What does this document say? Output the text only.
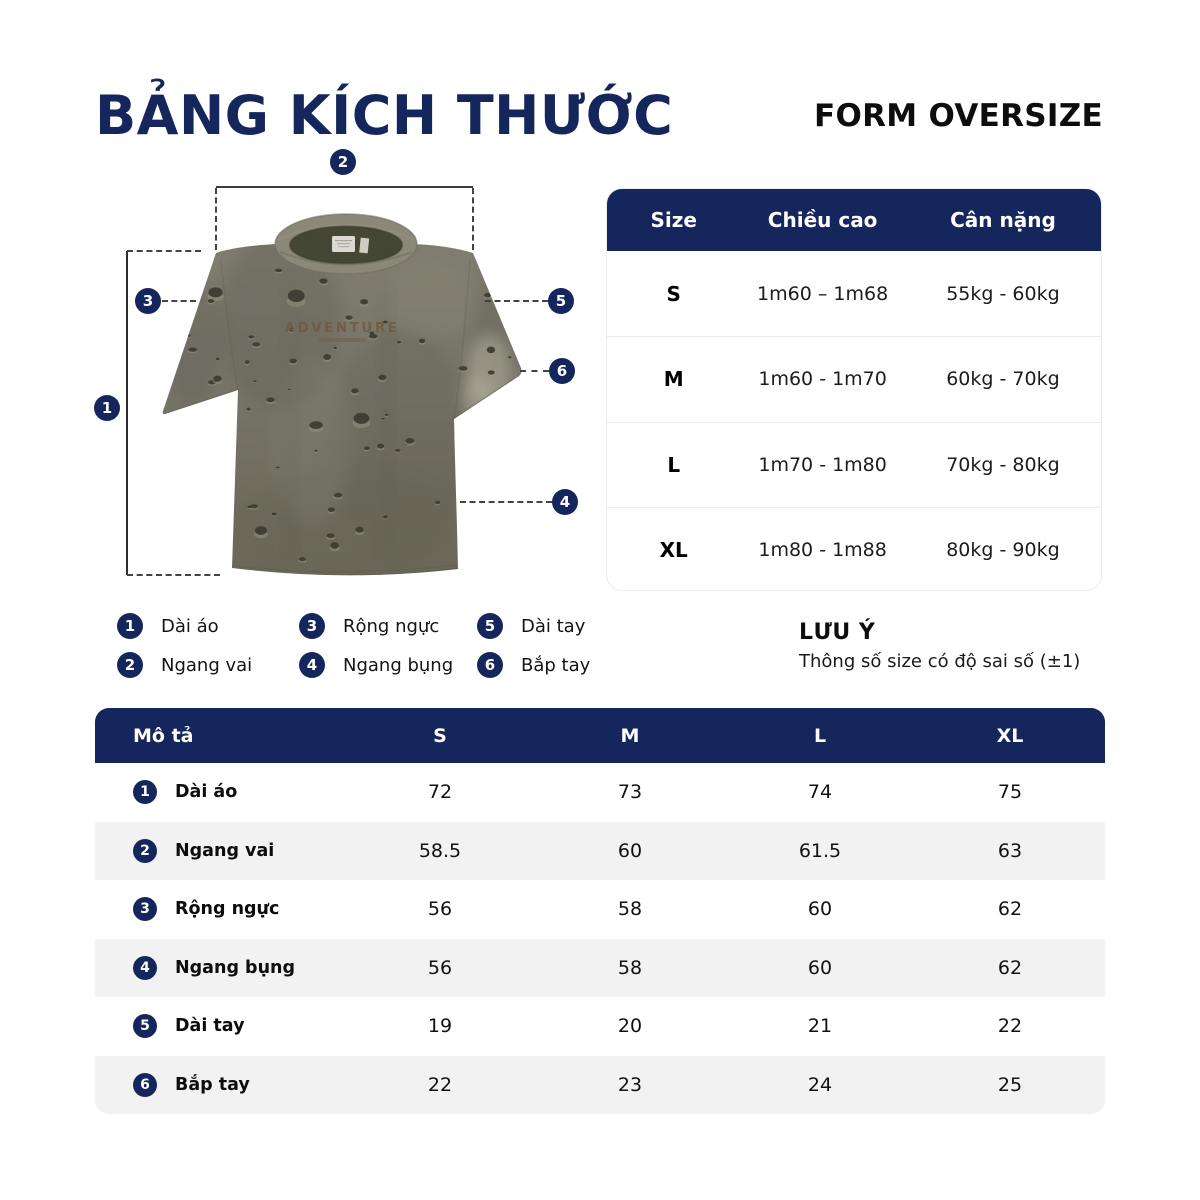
BẢNG KÍCH THƯỚC	FORM OVERSIZE
ADVENTURE
1
2
3
4
5
6
Size	Chiều cao	Cân nặng
S	1m60 – 1m68	55kg - 60kg
M	1m60 - 1m70	60kg - 70kg
L	1m70 - 1m80	70kg - 80kg
XL	1m80 - 1m88	80kg - 90kg
1	Dài áo
2	Ngang vai
3	Rộng ngực
4	Ngang bụng
5	Dài tay
6	Bắp tay
LƯU Ý
Thông số size có độ sai số (±1)
Mô tả	S	M	L	XL
1	Dài áo	72	73	74	75
2	Ngang vai	58.5	60	61.5	63
3	Rộng ngực	56	58	60	62
4	Ngang bụng	56	58	60	62
5	Dài tay	19	20	21	22
6	Bắp tay	22	23	24	25
